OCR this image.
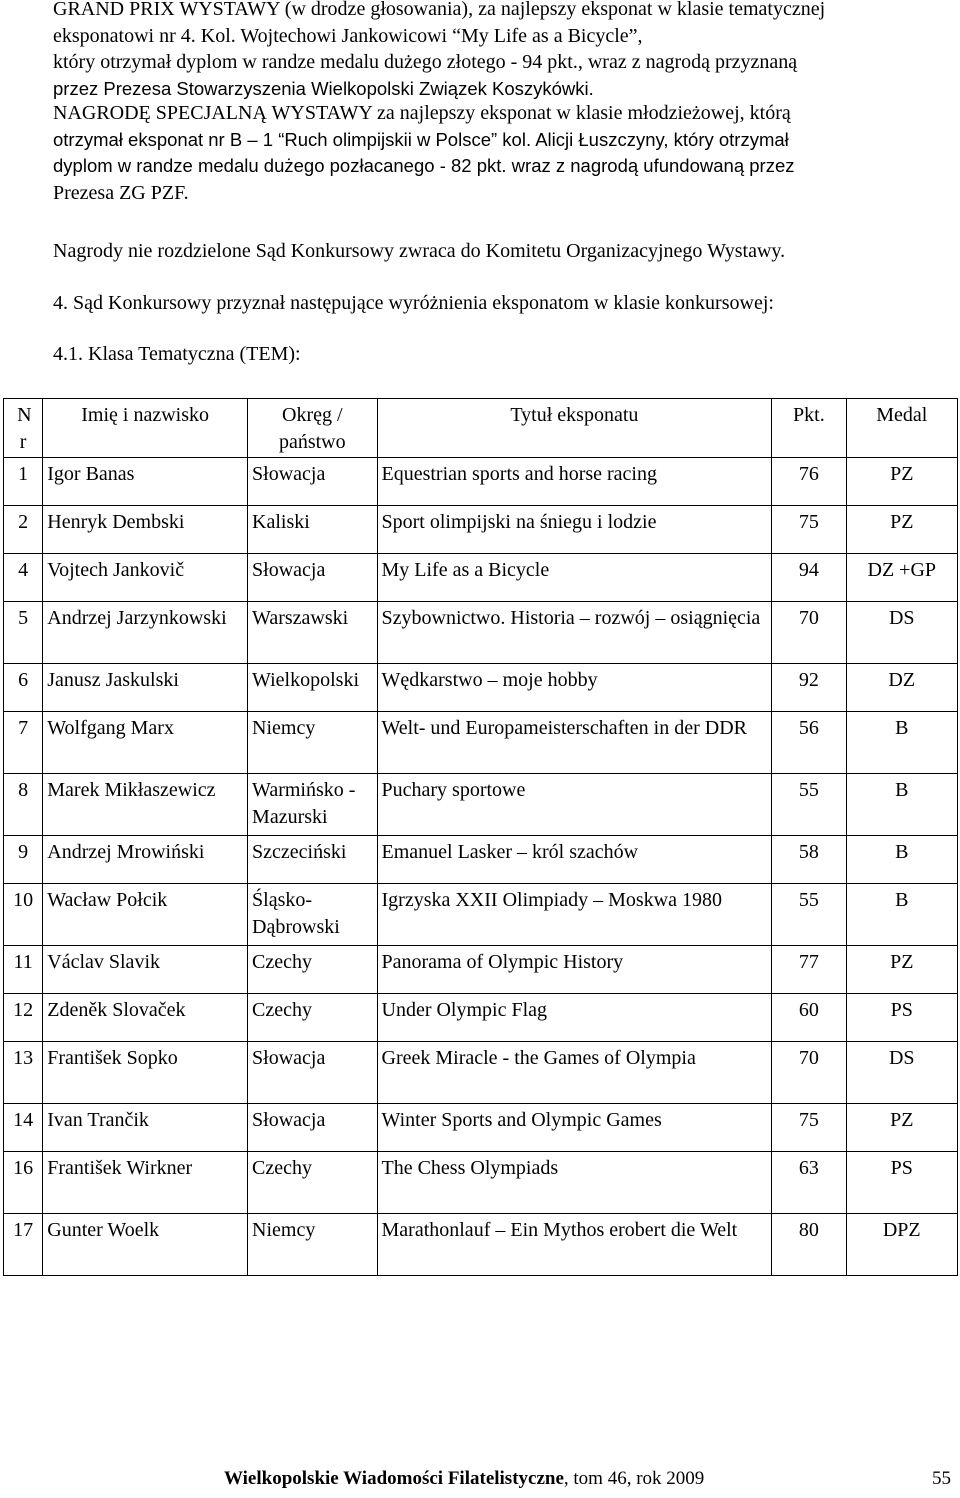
GRAND PRIX WYSTAWY (w drodze głosowania), za najlepszy eksponat w klasie tematycznej
eksponatowi nr 4. Kol. Wojtechowi Jankowicowi “My Life as a Bicycle”,
który otrzymał dyplom w randze medalu dużego złotego - 94 pkt., wraz z nagrodą przyznaną
przez Prezesa Stowarzyszenia Wielkopolski Związek Koszykówki.
NAGRODĘ SPECJALNĄ WYSTAWY za najlepszy eksponat w klasie młodzieżowej, którą
otrzymał eksponat nr B – 1 “Ruch olimpijskii w Polsce” kol. Alicji Łuszczyny, który otrzymał
dyplom w randze medalu dużego pozłacanego - 82 pkt. wraz z nagrodą ufundowaną przez
Prezesa ZG PZF.
Nagrody nie rozdzielone Sąd Konkursowy zwraca do Komitetu Organizacyjnego Wystawy.
4. Sąd Konkursowy przyznał następujące wyróżnienia eksponatom w klasie konkursowej:
4.1. Klasa Tematyczna (TEM):
N r	Imię i nazwisko	Okręg / państwo	Tytuł eksponatu	Pkt.	Medal
1	Igor Banas	Słowacja	Equestrian sports and horse racing	76	PZ
2	Henryk Dembski	Kaliski	Sport olimpijski na śniegu i lodzie	75	PZ
4	Vojtech Jankovič	Słowacja	My Life as a Bicycle	94	DZ +GP
5	Andrzej Jarzynkowski	Warszawski	Szybownictwo. Historia – rozwój – osiągnięcia	70	DS
6	Janusz Jaskulski	Wielkopolski	Wędkarstwo – moje hobby	92	DZ
7	Wolfgang Marx	Niemcy	Welt- und Europameisterschaften in der DDR	56	B
8	Marek Mikłaszewicz	Warmińsko -Mazurski	Puchary sportowe	55	B
9	Andrzej Mrowiński	Szczeciński	Emanuel Lasker – król szachów	58	B
10	Wacław Połcik	Śląsko-Dąbrowski	Igrzyska XXII Olimpiady – Moskwa 1980	55	B
11	Václav Slavik	Czechy	Panorama of Olympic History	77	PZ
12	Zdeněk Slovaček	Czechy	Under Olympic Flag	60	PS
13	František Sopko	Słowacja	Greek Miracle - the Games of Olympia	70	DS
14	Ivan Trančik	Słowacja	Winter Sports and Olympic Games	75	PZ
16	František Wirkner	Czechy	The Chess Olympiads	63	PS
17	Gunter Woelk	Niemcy	Marathonlauf – Ein Mythos erobert die Welt	80	DPZ
Wielkopolskie Wiadomości Filatelistyczne, tom 46, rok 2009	55
